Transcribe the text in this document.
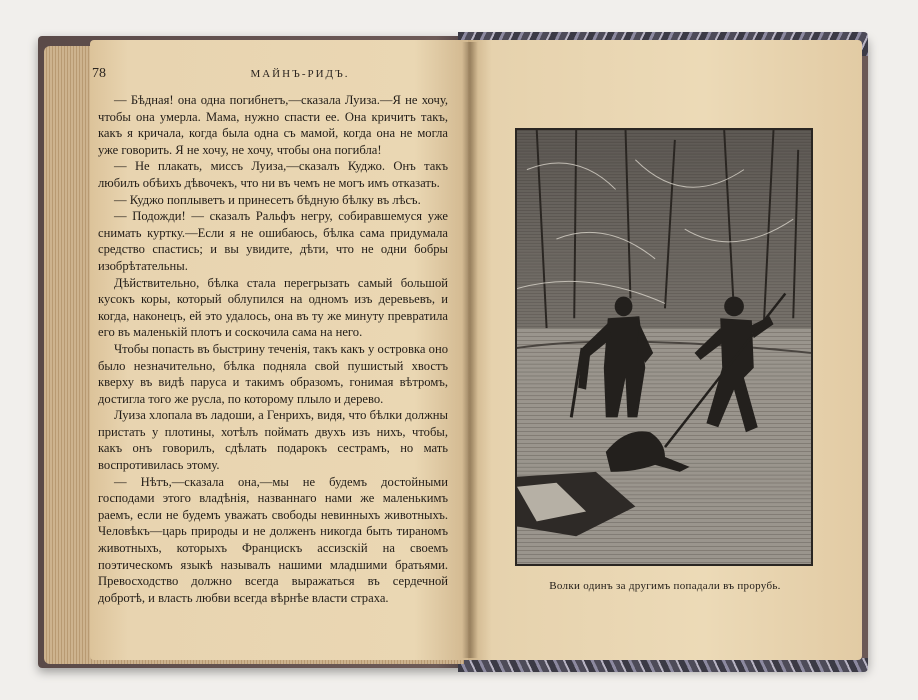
78	МАЙНЪ-РИДЪ.

— Бѣдная! она одна погибнетъ,—сказала Луиза.—Я не хочу, чтобы она умерла. Мама, нужно спасти ее. Она кричитъ такъ, какъ я кричала, когда была одна съ мамой, когда она не могла уже говорить. Я не хочу, не хочу, чтобы она погибла!

— Не плакать, миссъ Луиза,—сказалъ Куджо. Онъ такъ любилъ обѣихъ дѣвочекъ, что ни въ чемъ не могъ имъ отказать.

— Куджо поплыветъ и принесетъ бѣдную бѣлку въ лѣсъ.

— Подожди! — сказалъ Ральфъ негру, собиравшемуся уже снимать куртку.—Если я не ошибаюсь, бѣлка сама придумала средство спастись; и вы увидите, дѣти, что не одни бобры изобрѣтательны.

Дѣйствительно, бѣлка стала перегрызать самый большой кусокъ коры, который облупился на одномъ изъ деревьевъ, и когда, наконецъ, ей это удалось, она въ ту же минуту превратила его въ маленькій плотъ и соскочила сама на него.

Чтобы попасть въ быстрину теченія, такъ какъ у островка оно было незначительно, бѣлка подняла свой пушистый хвостъ кверху въ видѣ паруса и такимъ образомъ, гонимая вѣтромъ, достигла того же русла, по которому плыло и дерево.

Луиза хлопала въ ладоши, а Генрихъ, видя, что бѣлки должны пристать у плотины, хотѣлъ поймать двухъ изъ нихъ, чтобы, какъ онъ говорилъ, сдѣлать подарокъ сестрамъ, но мать воспротивилась этому.

— Нѣтъ,—сказала она,—мы не будемъ достойными господами этого владѣнія, названнаго нами же маленькимъ раемъ, если не будемъ уважать свободы невинныхъ животныхъ. Человѣкъ—царь природы и не долженъ никогда быть тираномъ животныхъ, которыхъ Францискъ ассизскій на своемъ поэтическомъ языкѣ называлъ нашими младшими братьями. Превосходство должно всегда выражаться въ сердечной добротѣ, и власть любви всегда вѣрнѣе власти страха.

Волки одинъ за другимъ попадали въ прорубь.
